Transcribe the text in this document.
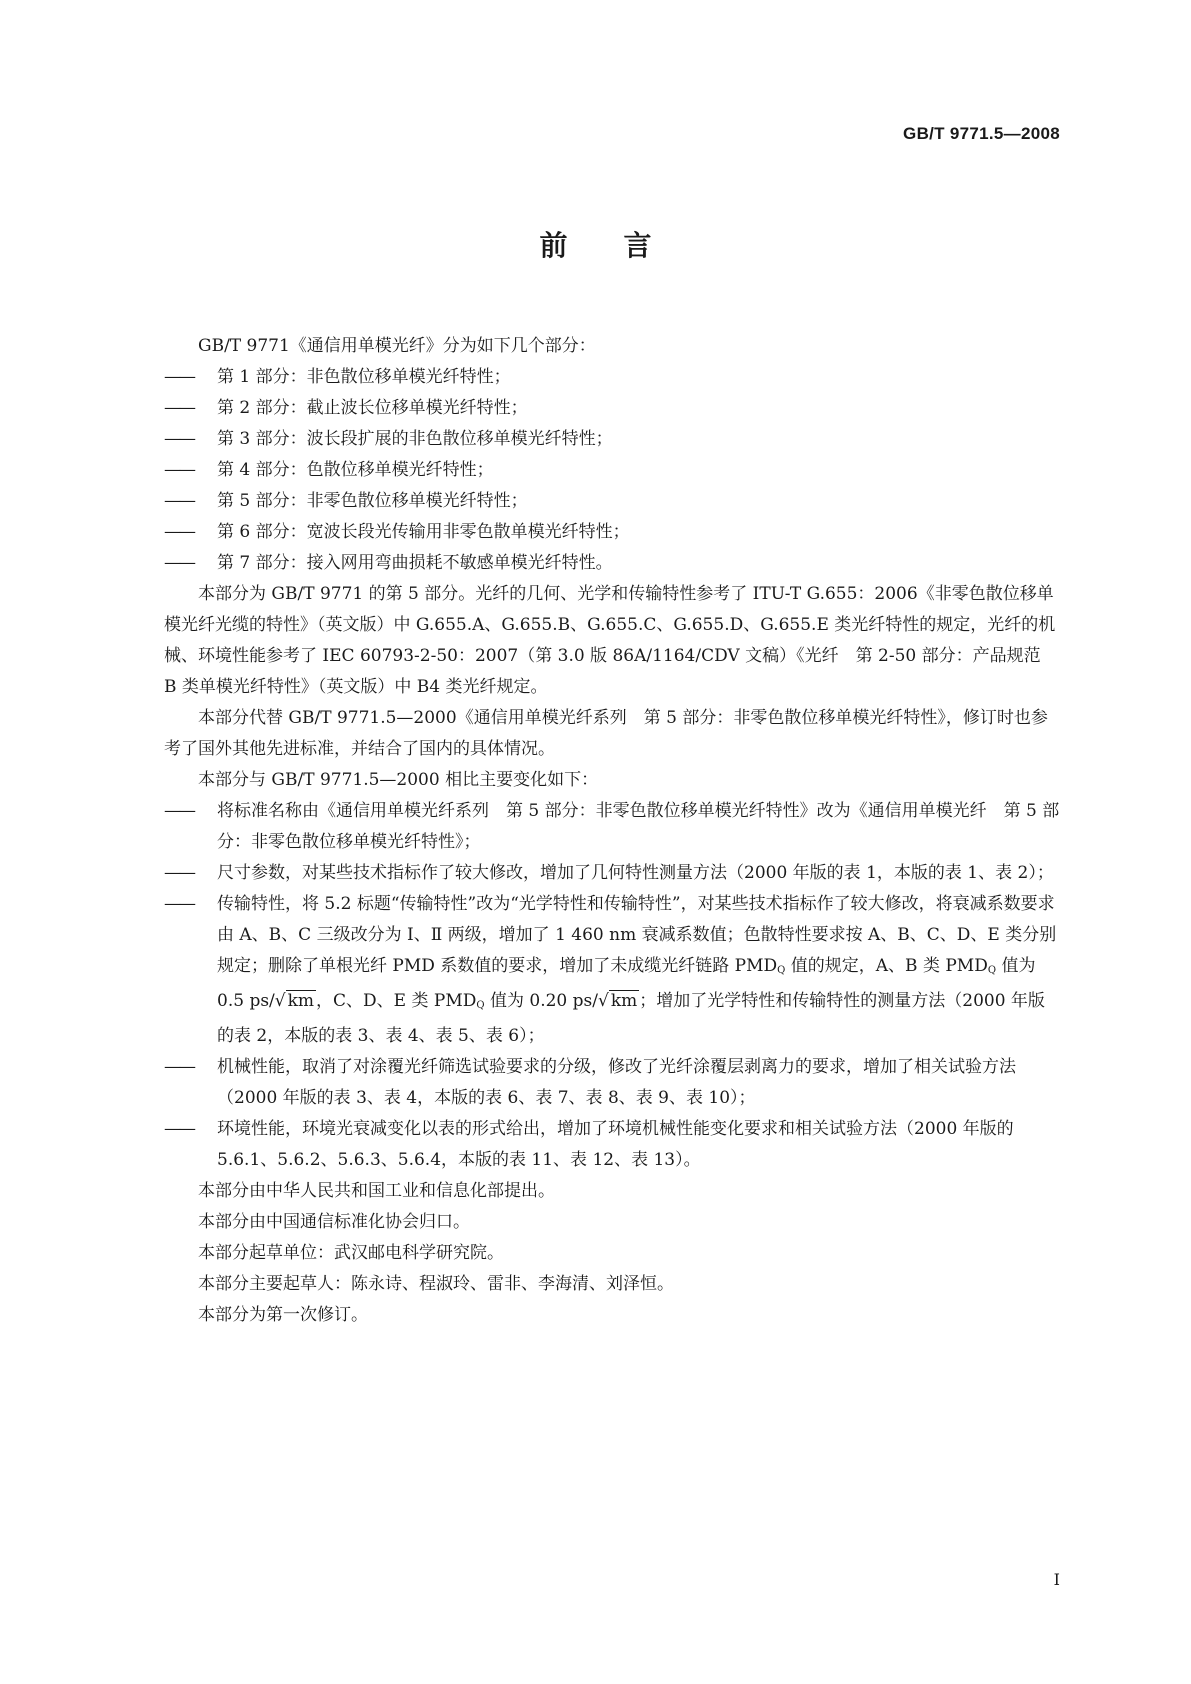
GB/T 9771.5—2008
前　　言

GB/T 9771《通信用单模光纤》分为如下几个部分：

—— 第 1 部分：非色散位移单模光纤特性；

—— 第 2 部分：截止波长位移单模光纤特性；

—— 第 3 部分：波长段扩展的非色散位移单模光纤特性；

—— 第 4 部分：色散位移单模光纤特性；

—— 第 5 部分：非零色散位移单模光纤特性；

—— 第 6 部分：宽波长段光传输用非零色散单模光纤特性；

—— 第 7 部分：接入网用弯曲损耗不敏感单模光纤特性。

本部分为 GB/T 9771 的第 5 部分。光纤的几何、光学和传输特性参考了 ITU-T G.655：2006《非零色散位移单模光纤光缆的特性》（英文版）中 G.655.A、G.655.B、G.655.C、G.655.D、G.655.E 类光纤特性的规定，光纤的机械、环境性能参考了 IEC 60793-2-50：2007（第 3.0 版 86A/1164/CDV 文稿）《光纤　第 2-50 部分：产品规范　B 类单模光纤特性》（英文版）中 B4 类光纤规定。

本部分代替 GB/T 9771.5—2000《通信用单模光纤系列　第 5 部分：非零色散位移单模光纤特性》，修订时也参考了国外其他先进标准，并结合了国内的具体情况。

本部分与 GB/T 9771.5—2000 相比主要变化如下：

—— 将标准名称由《通信用单模光纤系列　第 5 部分：非零色散位移单模光纤特性》改为《通信用单模光纤　第 5 部分：非零色散位移单模光纤特性》；

—— 尺寸参数，对某些技术指标作了较大修改，增加了几何特性测量方法（2000 年版的表 1，本版的表 1、表 2）；

—— 传输特性，将 5.2 标题“传输特性”改为“光学特性和传输特性”，对某些技术指标作了较大修改，将衰减系数要求由 A、B、C 三级改分为 Ⅰ、Ⅱ 两级，增加了 1 460 nm 衰减系数值；色散特性要求按 A、B、C、D、E 类分别规定；删除了单根光纤 PMD 系数值的要求，增加了未成缆光纤链路 $PMD_Q$ 值的规定，A、B 类 $PMD_Q$ 值为 0.5 ps/√ km ，C、D、E 类 $PMD_Q$ 值为 0.20 ps/√ km ；增加了光学特性和传输特性的测量方法（2000 年版的表 2，本版的表 3、表 4、表 5、表 6）；

—— 机械性能，取消了对涂覆光纤筛选试验要求的分级，修改了光纤涂覆层剥离力的要求，增加了相关试验方法（2000 年版的表 3、表 4，本版的表 6、表 7、表 8、表 9、表 10）；

—— 环境性能，环境光衰减变化以表的形式给出，增加了环境机械性能变化要求和相关试验方法（2000 年版的 5.6.1、5.6.2、5.6.3、5.6.4，本版的表 11、表 12、表 13）。

本部分由中华人民共和国工业和信息化部提出。

本部分由中国通信标准化协会归口。

本部分起草单位：武汉邮电科学研究院。

本部分主要起草人：陈永诗、程淑玲、雷非、李海清、刘泽恒。

本部分为第一次修订。

I
